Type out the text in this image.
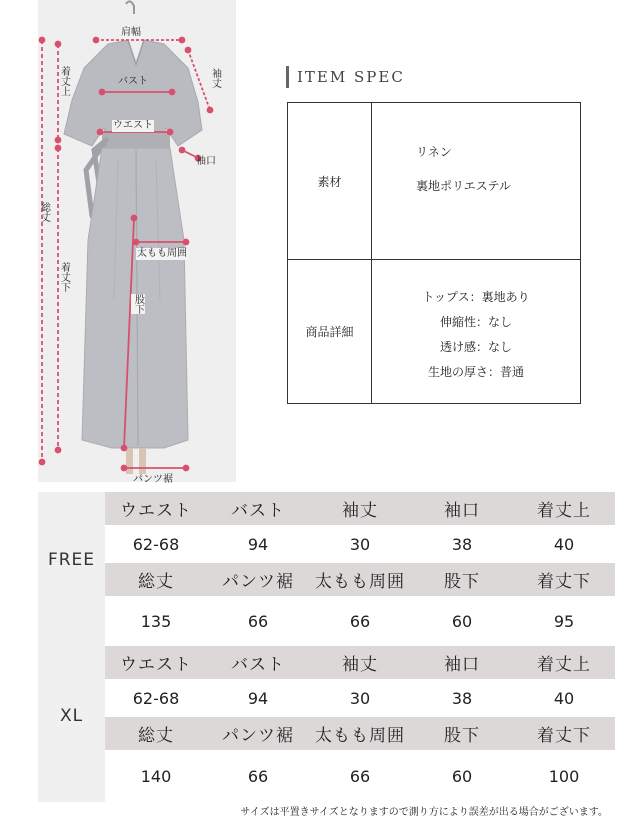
肩幅
着丈上	袖丈
バスト
ウエスト
袖口
総丈
太もも周囲
着丈下
股下
パンツ裾
ITEM SPEC
素材
リネン
裏地ポリエステル
商品詳細
トップス：裏地あり
伸縮性：なし
透け感：なし
生地の厚さ：普通
FREE
ウエスト	バスト	袖丈	袖口	着丈上
62-68	94	30	38	40
総丈	パンツ裾	太もも周囲	股下	着丈下
135	66	66	60	95
XL
ウエスト	バスト	袖丈	袖口	着丈上
62-68	94	30	38	40
総丈	パンツ裾	太もも周囲	股下	着丈下
140	66	66	60	100
サイズは平置きサイズとなりますので測り方により誤差が出る場合がございます。
